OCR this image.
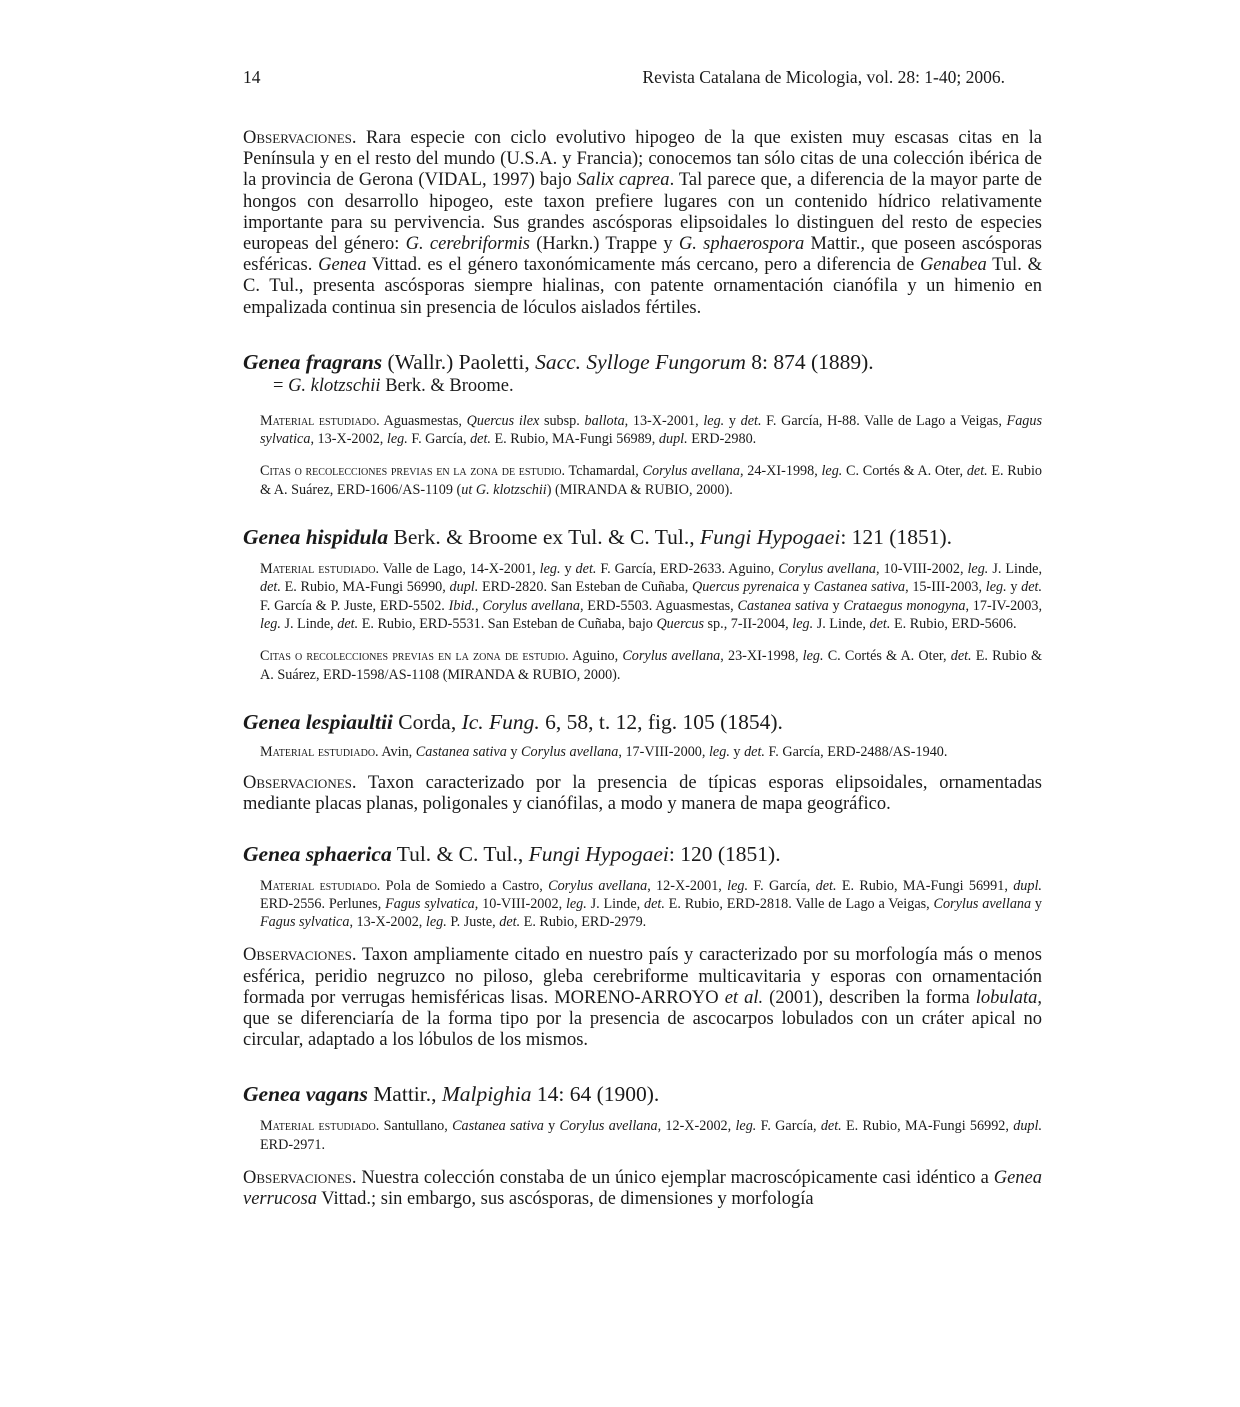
14	Revista Catalana de Micologia, vol. 28: 1-40; 2006.

Observaciones. Rara especie con ciclo evolutivo hipogeo de la que existen muy escasas citas en la Península y en el resto del mundo (U.S.A. y Francia); conocemos tan sólo citas de una colección ibérica de la provincia de Gerona (VIDAL, 1997) bajo Salix caprea. Tal parece que, a diferencia de la mayor parte de hongos con desarrollo hipogeo, este taxon prefiere lugares con un contenido hídrico relativamente importante para su pervivencia. Sus grandes ascósporas elipsoidales lo distinguen del resto de especies europeas del género: G. cerebriformis (Harkn.) Trappe y G. sphaerospora Mattir., que poseen ascósporas esféricas. Genea Vittad. es el género taxonómicamente más cercano, pero a diferencia de Genabea Tul. & C. Tul., presenta ascósporas siempre hialinas, con patente ornamentación cianófila y un himenio en empalizada continua sin presencia de lóculos aislados fértiles.

Genea fragrans (Wallr.) Paoletti, Sacc. Sylloge Fungorum 8: 874 (1889).

= G. klotzschii Berk. & Broome.

Material estudiado. Aguasmestas, Quercus ilex subsp. ballota, 13-X-2001, leg. y det. F. García, H-88. Valle de Lago a Veigas, Fagus sylvatica, 13-X-2002, leg. F. García, det. E. Rubio, MA-Fungi 56989, dupl. ERD-2980.

Citas o recolecciones previas en la zona de estudio. Tchamardal, Corylus avellana, 24-XI-1998, leg. C. Cortés & A. Oter, det. E. Rubio & A. Suárez, ERD-1606/AS-1109 (ut G. klotzschii) (MIRANDA & RUBIO, 2000).

Genea hispidula Berk. & Broome ex Tul. & C. Tul., Fungi Hypogaei: 121 (1851).

Material estudiado. Valle de Lago, 14-X-2001, leg. y det. F. García, ERD-2633. Aguino, Corylus avellana, 10-VIII-2002, leg. J. Linde, det. E. Rubio, MA-Fungi 56990, dupl. ERD-2820. San Esteban de Cuñaba, Quercus pyrenaica y Castanea sativa, 15-III-2003, leg. y det. F. García & P. Juste, ERD-5502. Ibid., Corylus avellana, ERD-5503. Aguasmestas, Castanea sativa y Crataegus monogyna, 17-IV-2003, leg. J. Linde, det. E. Rubio, ERD-5531. San Esteban de Cuñaba, bajo Quercus sp., 7-II-2004, leg. J. Linde, det. E. Rubio, ERD-5606.

Citas o recolecciones previas en la zona de estudio. Aguino, Corylus avellana, 23-XI-1998, leg. C. Cortés & A. Oter, det. E. Rubio & A. Suárez, ERD-1598/AS-1108 (MIRANDA & RUBIO, 2000).

Genea lespiaultii Corda, Ic. Fung. 6, 58, t. 12, fig. 105 (1854).

Material estudiado. Avin, Castanea sativa y Corylus avellana, 17-VIII-2000, leg. y det. F. García, ERD-2488/AS-1940.

Observaciones. Taxon caracterizado por la presencia de típicas esporas elipsoidales, ornamentadas mediante placas planas, poligonales y cianófilas, a modo y manera de mapa geográfico.

Genea sphaerica Tul. & C. Tul., Fungi Hypogaei: 120 (1851).

Material estudiado. Pola de Somiedo a Castro, Corylus avellana, 12-X-2001, leg. F. García, det. E. Rubio, MA-Fungi 56991, dupl. ERD-2556. Perlunes, Fagus sylvatica, 10-VIII-2002, leg. J. Linde, det. E. Rubio, ERD-2818. Valle de Lago a Veigas, Corylus avellana y Fagus sylvatica, 13-X-2002, leg. P. Juste, det. E. Rubio, ERD-2979.

Observaciones. Taxon ampliamente citado en nuestro país y caracterizado por su morfología más o menos esférica, peridio negruzco no piloso, gleba cerebriforme multicavitaria y esporas con ornamentación formada por verrugas hemisféricas lisas. MORENO-ARROYO et al. (2001), describen la forma lobulata, que se diferenciaría de la forma tipo por la presencia de ascocarpos lobulados con un cráter apical no circular, adaptado a los lóbulos de los mismos.

Genea vagans Mattir., Malpighia 14: 64 (1900).

Material estudiado. Santullano, Castanea sativa y Corylus avellana, 12-X-2002, leg. F. García, det. E. Rubio, MA-Fungi 56992, dupl. ERD-2971.

Observaciones. Nuestra colección constaba de un único ejemplar macroscópicamente casi idéntico a Genea verrucosa Vittad.; sin embargo, sus ascósporas, de dimensiones y morfología
